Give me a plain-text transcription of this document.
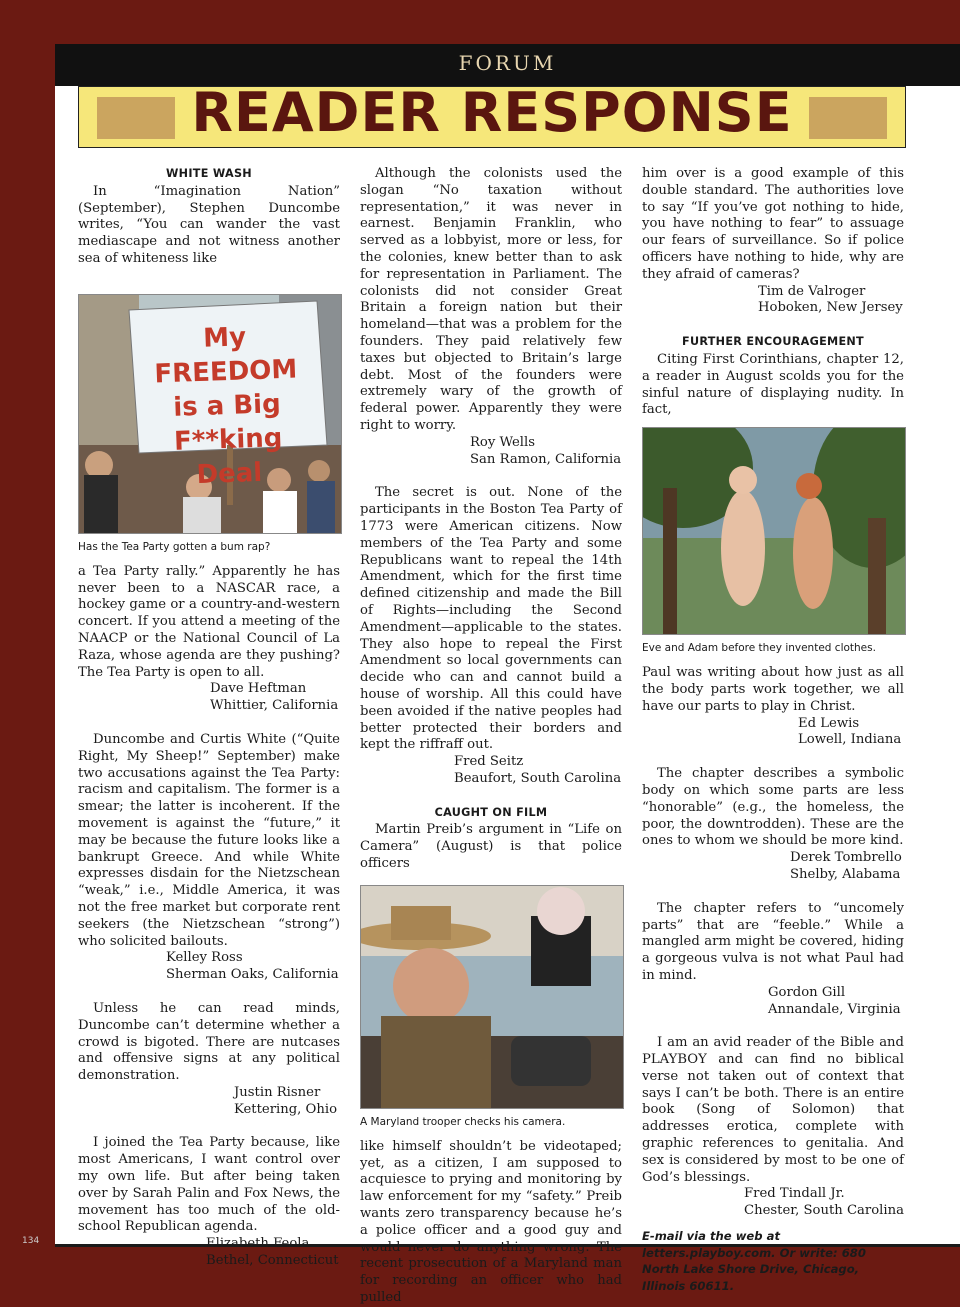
FORUM
READER RESPONSE
WHITE WASH

In “Imagination Nation” (September), Stephen Duncombe writes, “You can wander the vast mediascape and not witness another sea of whiteness like

My FREEDOM is a Big F**king Deal
Has the Tea Party gotten a bum rap?

a Tea Party rally.” Apparently he has never been to a NASCAR race, a hockey game or a country-and-western concert. If you attend a meeting of the NAACP or the National Council of La Raza, whose agenda are they pushing? The Tea Party is open to all.

Dave Heftman
Whittier, California

Duncombe and Curtis White (“Quite Right, My Sheep!” September) make two accusations against the Tea Party: racism and capitalism. The former is a smear; the latter is incoherent. If the movement is against the “future,” it may be because the future looks like a bankrupt Greece. And while White expresses disdain for the Nietzschean “weak,” i.e., Middle America, it was not the free market but corporate rent seekers (the Nietzschean “strong”) who solicited bailouts.

Kelley Ross
Sherman Oaks, California

Unless he can read minds, Duncombe can’t determine whether a crowd is bigoted. There are nutcases and offensive signs at any political demonstration.

Justin Risner
Kettering, Ohio

I joined the Tea Party because, like most Americans, I want control over my own life. But after being taken over by Sarah Palin and Fox News, the movement has too much of the old-school Republican agenda.

Elizabeth Feola
Bethel, Connecticut

Although the colonists used the slogan “No taxation without representation,” it was never in earnest. Benjamin Franklin, who served as a lobbyist, more or less, for the colonies, knew better than to ask for representation in Parliament. The colonists did not consider Great Britain a foreign nation but their homeland—that was a problem for the founders. They paid relatively few taxes but objected to Britain’s large debt. Most of the founders were extremely wary of the growth of federal power. Apparently they were right to worry.

Roy Wells
San Ramon, California

The secret is out. None of the participants in the Boston Tea Party of 1773 were American citizens. Now members of the Tea Party and some Republicans want to repeal the 14th Amendment, which for the first time defined citizenship and made the Bill of Rights—including the Second Amendment—applicable to the states. They also hope to repeal the First Amendment so local governments can decide who can and cannot build a house of worship. All this could have been avoided if the native peoples had better protected their borders and kept the riffraff out.

Fred Seitz
Beaufort, South Carolina
CAUGHT ON FILM

Martin Preib’s argument in “Life on Camera” (August) is that police officers

A Maryland trooper checks his camera.

like himself shouldn’t be videotaped; yet, as a citizen, I am supposed to acquiesce to prying and monitoring by law enforcement for my “safety.” Preib wants zero transparency because he’s a police officer and a good guy and would never do anything wrong. The recent prosecution of a Maryland man for recording an officer who had pulled

him over is a good example of this double standard. The authorities love to say “If you’ve got nothing to hide, you have nothing to fear” to assuage our fears of surveillance. So if police officers have nothing to hide, why are they afraid of cameras?

Tim de Valroger
Hoboken, New Jersey
FURTHER ENCOURAGEMENT

Citing First Corinthians, chapter 12, a reader in August scolds you for the sinful nature of displaying nudity. In fact,

Eve and Adam before they invented clothes.

Paul was writing about how just as all the body parts work together, we all have our parts to play in Christ.

Ed Lewis
Lowell, Indiana

The chapter describes a symbolic body on which some parts are less “honorable” (e.g., the homeless, the poor, the downtrodden). These are the ones to whom we should be more kind.

Derek Tombrello
Shelby, Alabama

The chapter refers to “uncomely parts” that are “feeble.” While a mangled arm might be covered, hiding a gorgeous vulva is not what Paul had in mind.

Gordon Gill
Annandale, Virginia

I am an avid reader of the Bible and PLAYBOY and can find no biblical verse not taken out of context that says I can’t be both. There is an entire book (Song of Solomon) that addresses erotica, complete with graphic references to genitalia. And sex is considered by most to be one of God’s blessings.

Fred Tindall Jr.
Chester, South Carolina
E-mail via the web at letters.playboy.com. Or write: 680 North Lake Shore Drive, Chicago, Illinois 60611.
134
